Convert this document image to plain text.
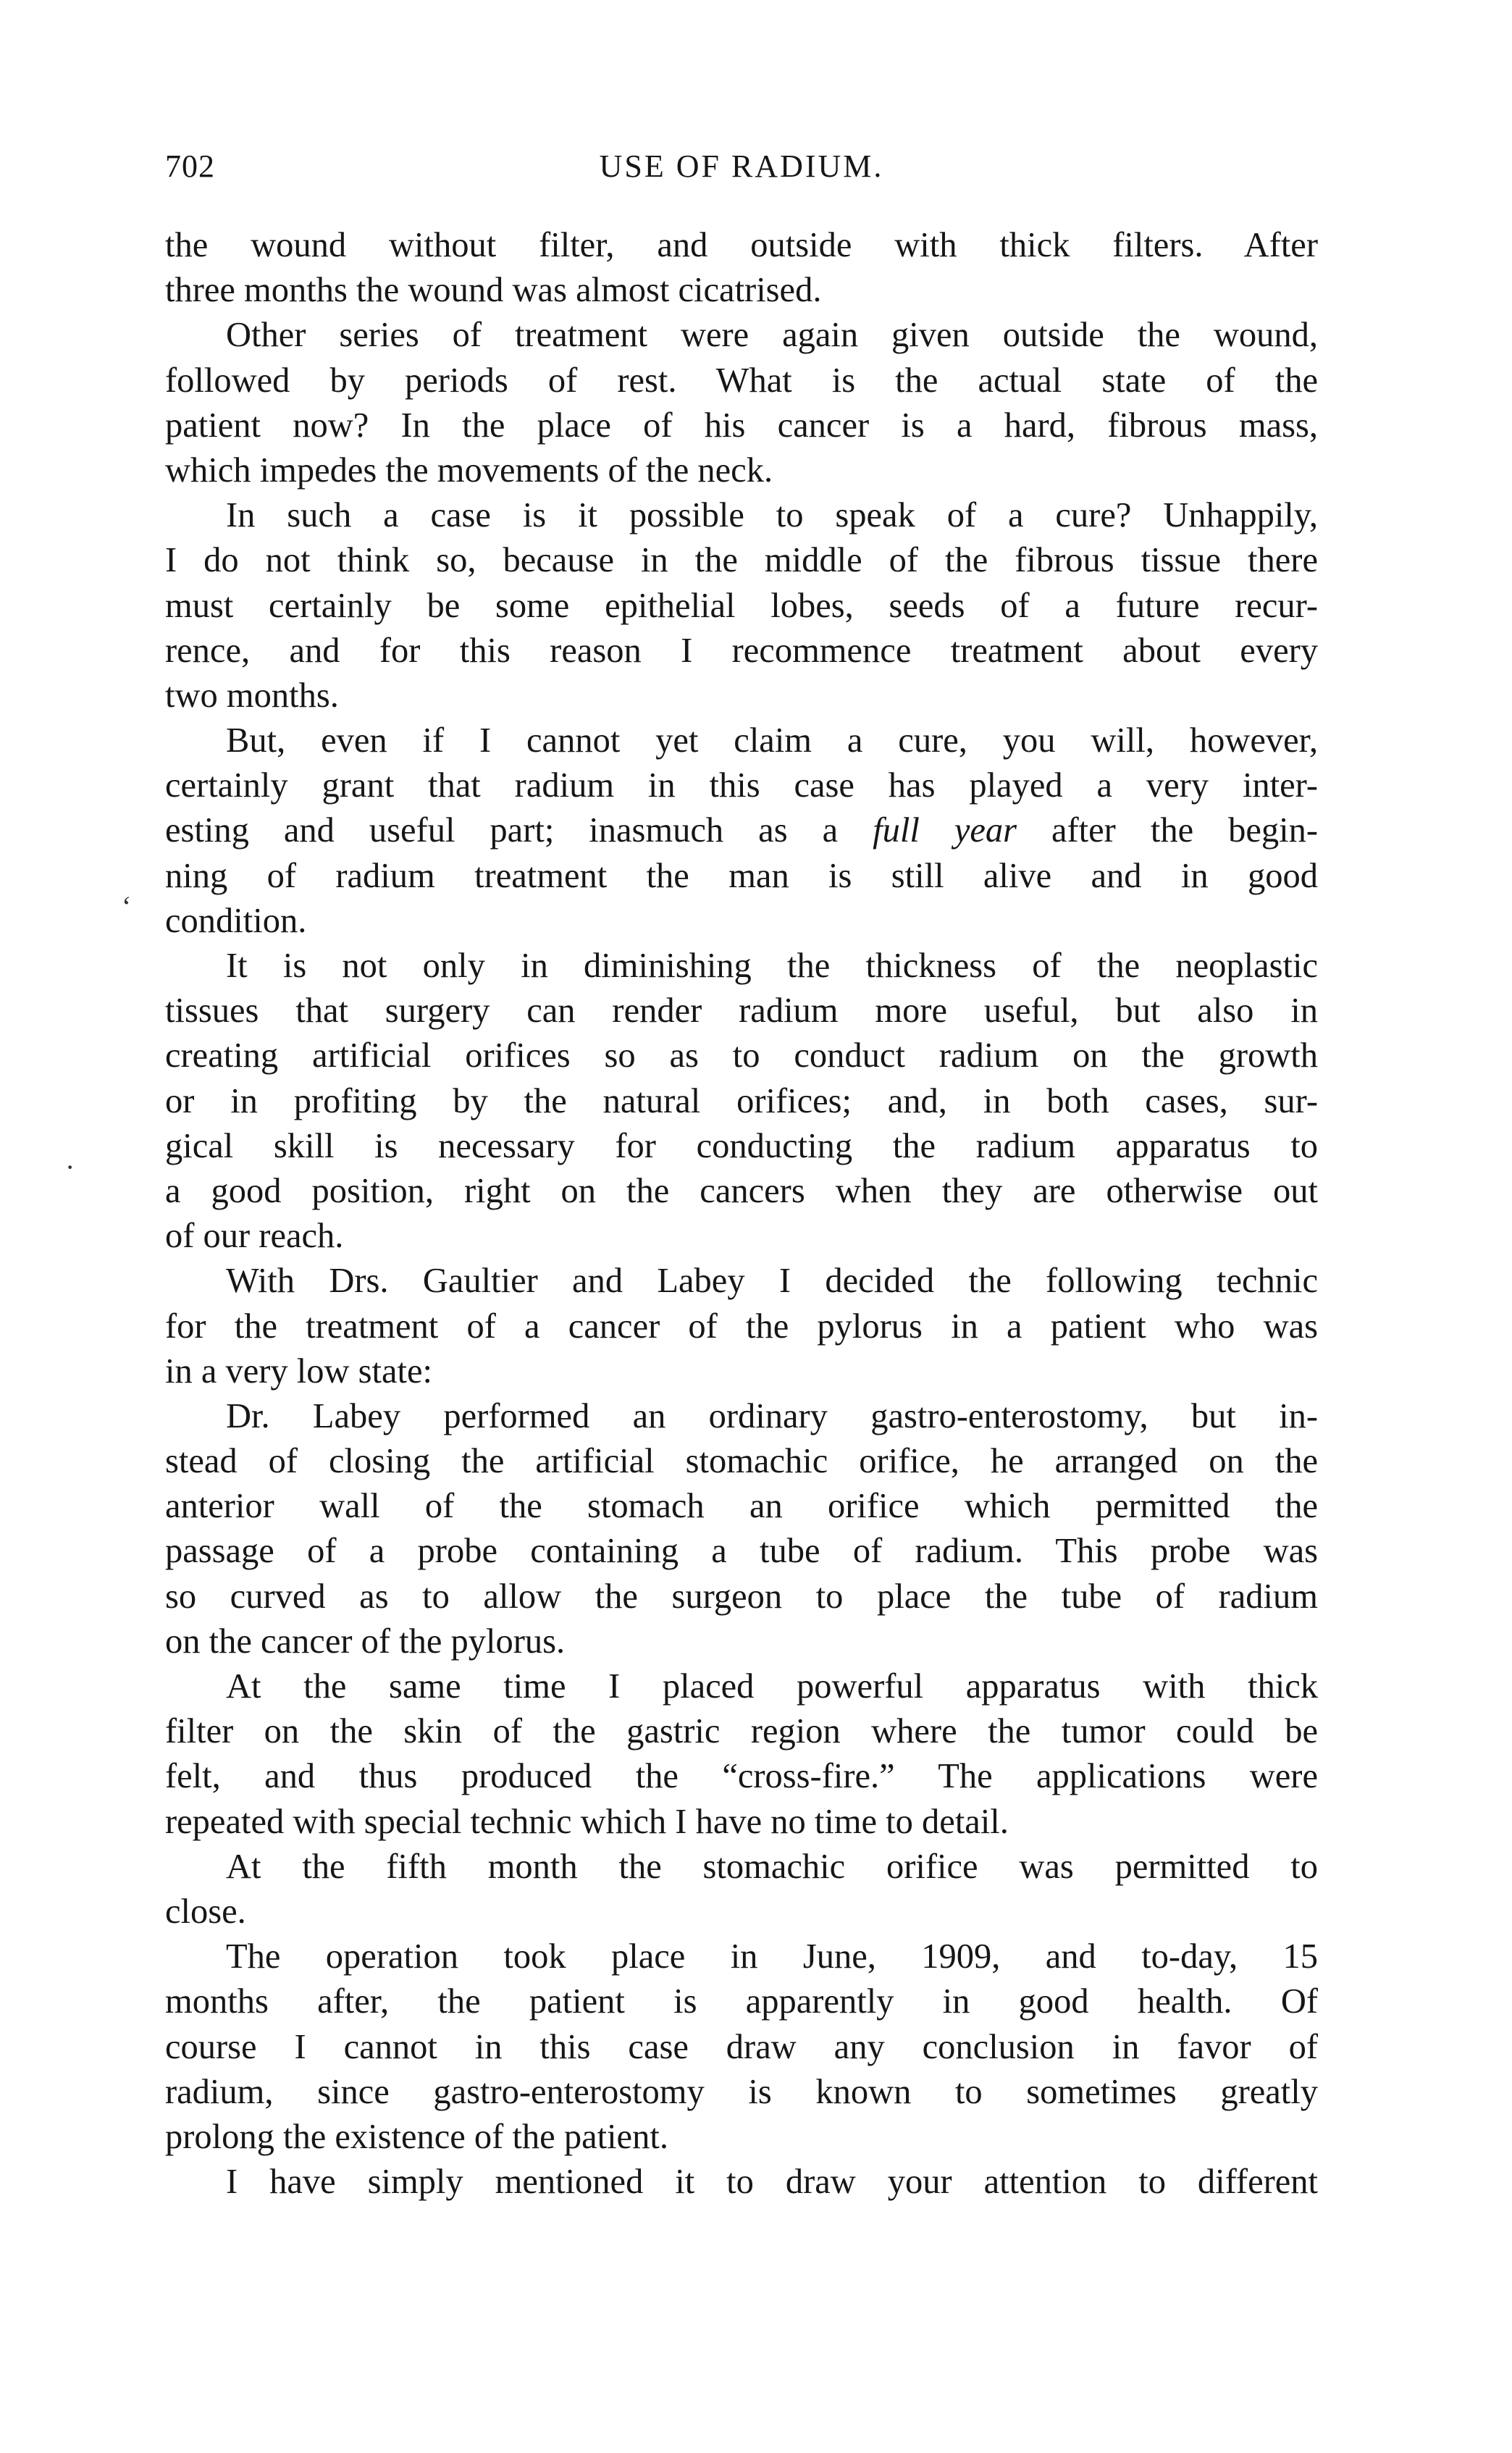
702	USE OF RADIUM.
the wound without filter, and outside with thick filters. After
three months the wound was almost cicatrised.
Other series of treatment were again given outside the wound,
followed by periods of rest. What is the actual state of the
patient now? In the place of his cancer is a hard, fibrous mass,
which impedes the movements of the neck.
In such a case is it possible to speak of a cure? Unhappily,
I do not think so, because in the middle of the fibrous tissue there
must certainly be some epithelial lobes, seeds of a future recur-
rence, and for this reason I recommence treatment about every
two months.
But, even if I cannot yet claim a cure, you will, however,
certainly grant that radium in this case has played a very inter-
esting and useful part; inasmuch as a full year after the begin-
ning of radium treatment the man is still alive and in good
condition.
It is not only in diminishing the thickness of the neoplastic
tissues that surgery can render radium more useful, but also in
creating artificial orifices so as to conduct radium on the growth
or in profiting by the natural orifices; and, in both cases, sur-
gical skill is necessary for conducting the radium apparatus to
a good position, right on the cancers when they are otherwise out
of our reach.
With Drs. Gaultier and Labey I decided the following technic
for the treatment of a cancer of the pylorus in a patient who was
in a very low state:
Dr. Labey performed an ordinary gastro-enterostomy, but in-
stead of closing the artificial stomachic orifice, he arranged on the
anterior wall of the stomach an orifice which permitted the
passage of a probe containing a tube of radium. This probe was
so curved as to allow the surgeon to place the tube of radium
on the cancer of the pylorus.
At the same time I placed powerful apparatus with thick
filter on the skin of the gastric region where the tumor could be
felt, and thus produced the “cross-fire.” The applications were
repeated with special technic which I have no time to detail.
At the fifth month the stomachic orifice was permitted to
close.
The operation took place in June, 1909, and to-day, 15
months after, the patient is apparently in good health. Of
course I cannot in this case draw any conclusion in favor of
radium, since gastro-enterostomy is known to sometimes greatly
prolong the existence of the patient.
I have simply mentioned it to draw your attention to different
‘
·
